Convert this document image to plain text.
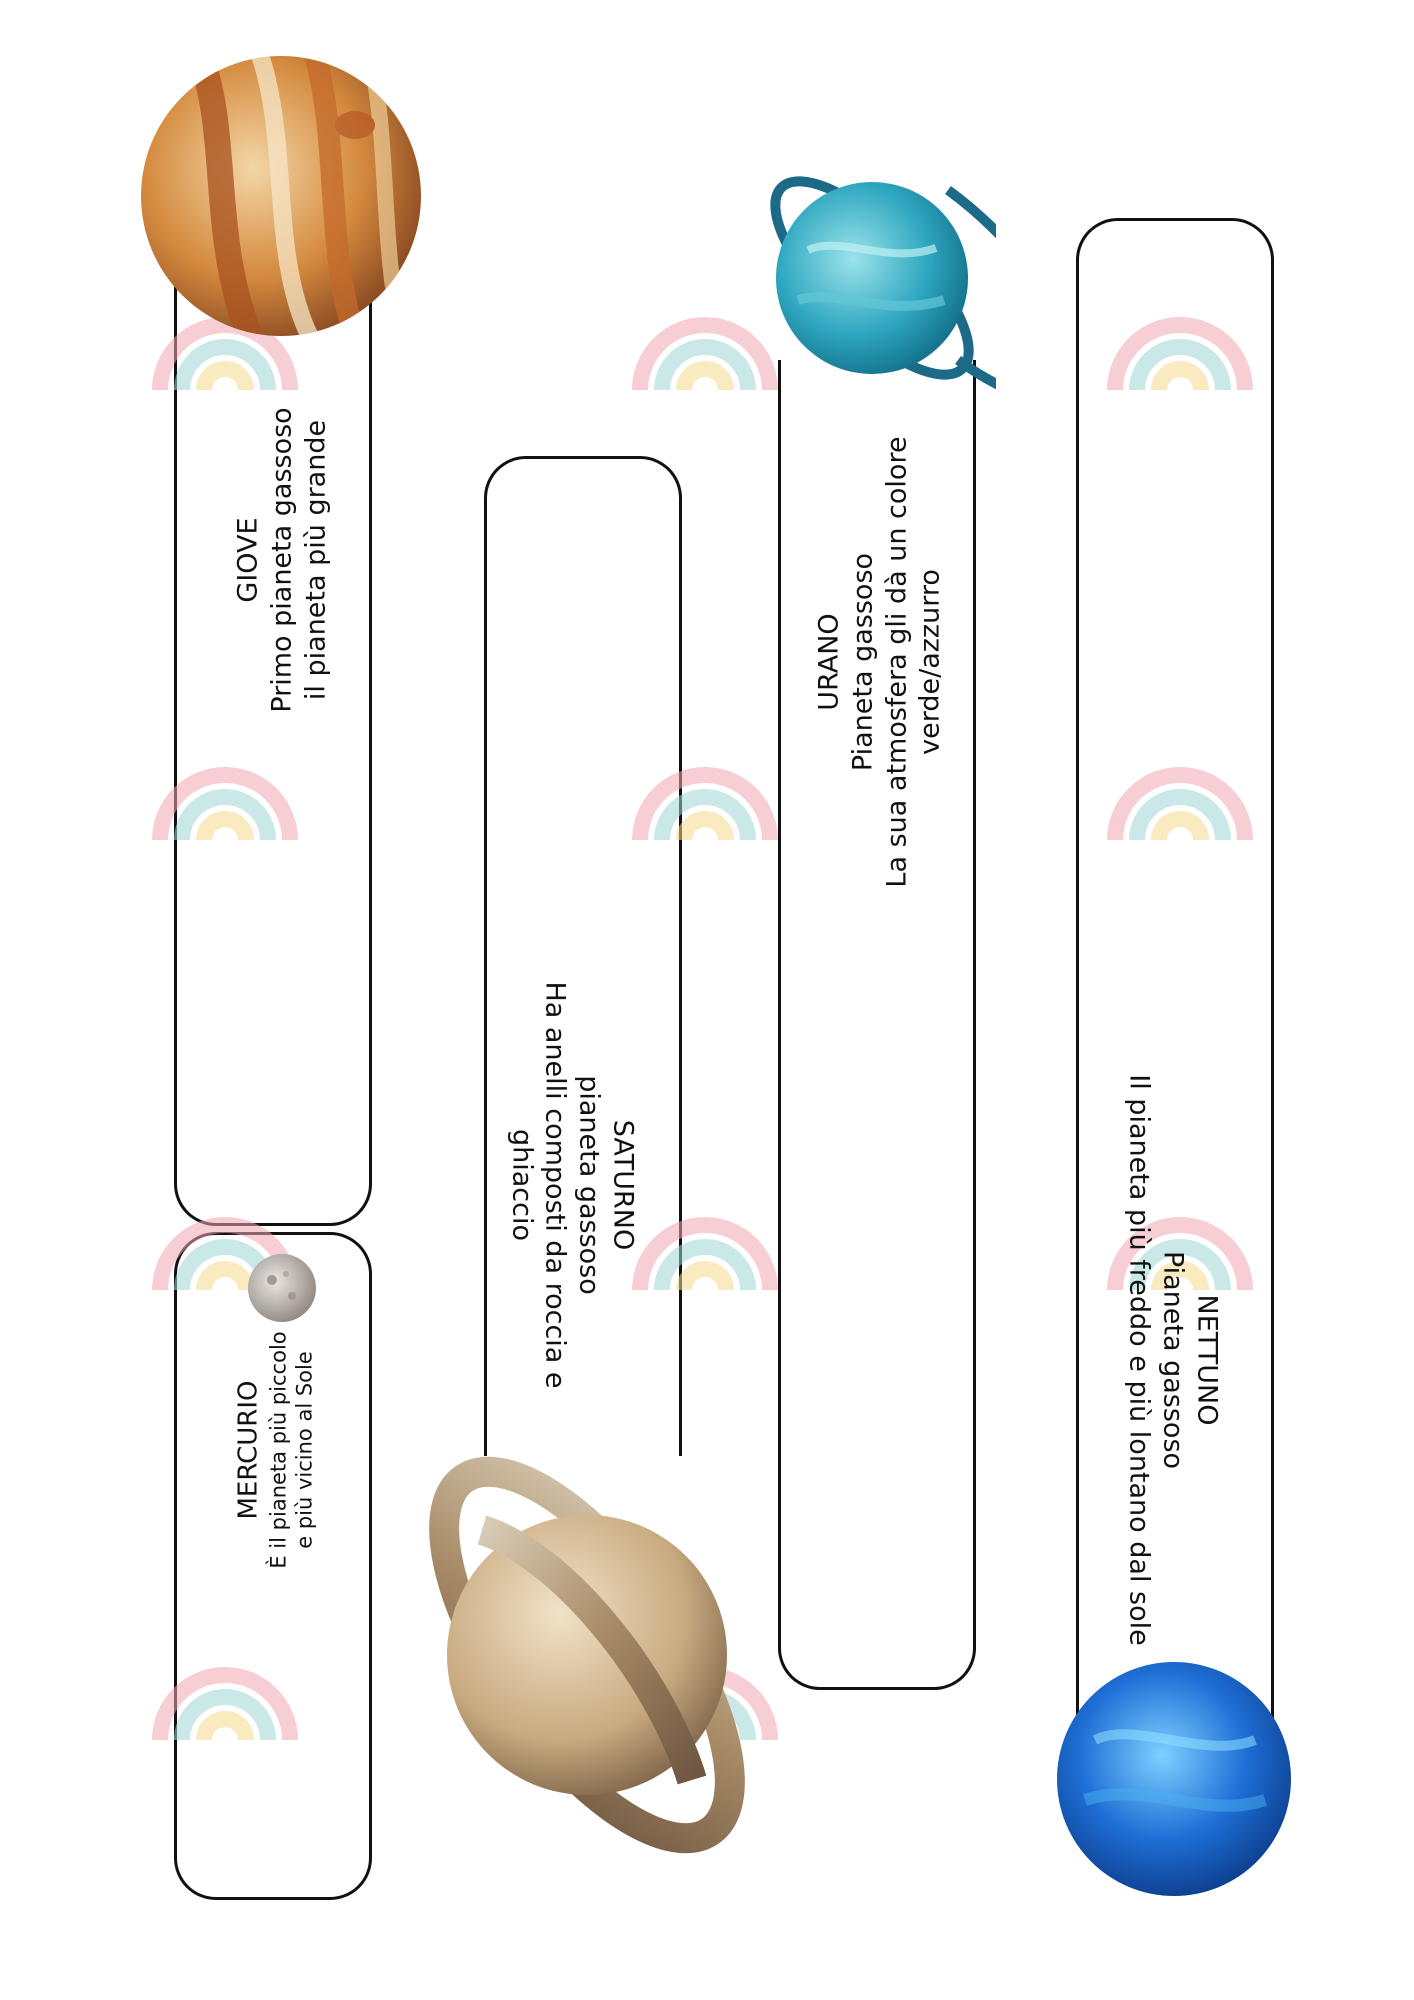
GIOVE Primo pianeta gassoso il pianeta più grande
MERCURIO È il pianeta più piccolo e più vicino al Sole
SATURNO
pianeta gassoso
Ha anelli composti da roccia e
ghiaccio
URANO Pianeta gassoso La sua atmosfera gli dà un colore verde/azzurro
NETTUNO
Pianeta gassoso
Il pianeta più freddo e più lontano dal sole
